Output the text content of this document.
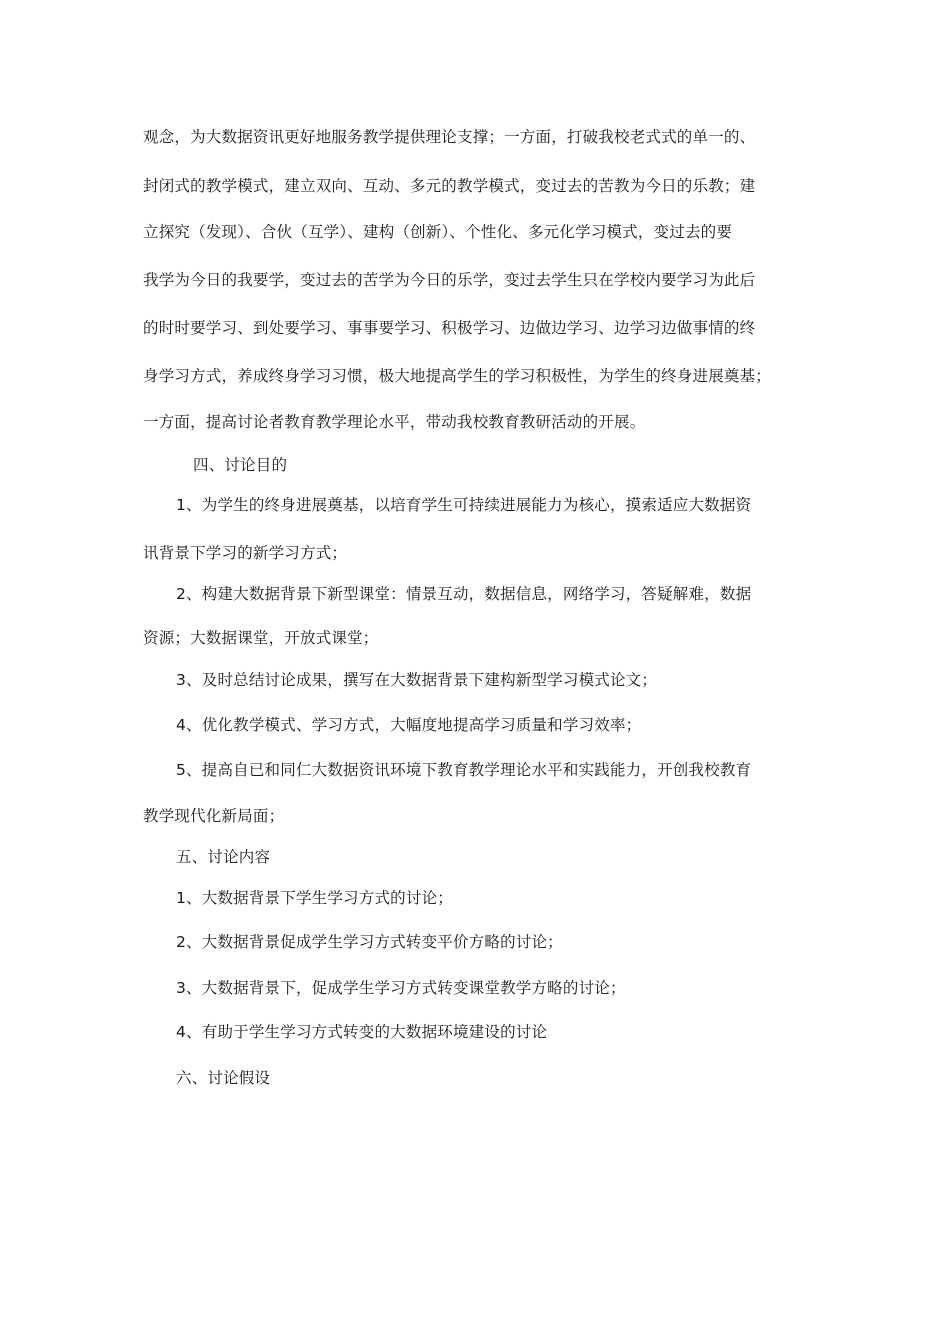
观念，为大数据资讯更好地服务教学提供理论支撑；一方面，打破我校老式式的单一的、
封闭式的教学模式，建立双向、互动、多元的教学模式，变过去的苦教为今日的乐教；建
立探究（发现）、合伙（互学）、建构（创新）、个性化、多元化学习模式，变过去的要
我学为今日的我要学，变过去的苦学为今日的乐学，变过去学生只在学校内要学习为此后
的时时要学习、到处要学习、事事要学习、积极学习、边做边学习、边学习边做事情的终
身学习方式，养成终身学习习惯，极大地提高学生的学习积极性，为学生的终身进展奠基；
一方面，提高讨论者教育教学理论水平，带动我校教育教研活动的开展。
四、讨论目的
1、为学生的终身进展奠基，以培育学生可持续进展能力为核心，摸索适应大数据资
讯背景下学习的新学习方式；
2、构建大数据背景下新型课堂：情景互动，数据信息，网络学习，答疑解难，数据
资源；大数据课堂，开放式课堂；
3、及时总结讨论成果，撰写在大数据背景下建构新型学习模式论文；
4、优化教学模式、学习方式，大幅度地提高学习质量和学习效率；
5、提高自已和同仁大数据资讯环境下教育教学理论水平和实践能力，开创我校教育
教学现代化新局面；
五、讨论内容
1、大数据背景下学生学习方式的讨论；
2、大数据背景促成学生学习方式转变平价方略的讨论；
3、大数据背景下，促成学生学习方式转变课堂教学方略的讨论；
4、有助于学生学习方式转变的大数据环境建设的讨论
六、讨论假设
